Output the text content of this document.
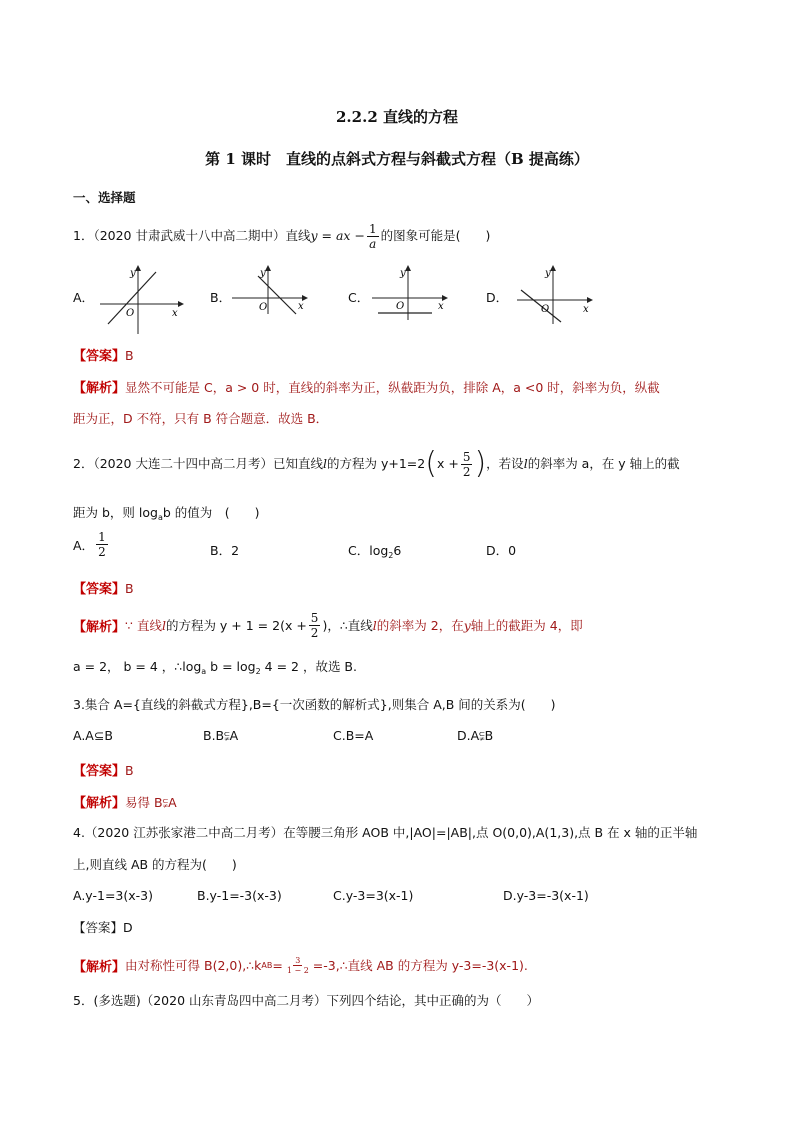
2.2.2 直线的方程
第 1 课时　直线的点斜式方程与斜截式方程（B 提高练）
一、选择题
1．（2020 甘肃武威十八中高二期中）直线y = ax − $\frac{1}{a}$ 的图象可能是(　　)
A．	B．	C．	D．
y
x
O
y
x
O
y
x
O
y
x
O
【答案】B
【解析】显然不可能是 C，a > 0 时，直线的斜率为正，纵截距为负，排除 A，a <0 时，斜率为负，纵截
距为正，D 不符，只有 B 符合题意．故选 B．
2．（2020 大连二十四中高二月考）已知直线 l 的方程为 y+1=2 ( $x + \frac{5}{2}$ ) ，若设 l 的斜率为 a，在 y 轴上的截
距为 b，则 $\log_ab$ 的值为　(　　)
A． $\frac{1}{2}$	B．2	C．$\log_26$	D．0
【答案】B
【解析】 ∵ 直线 l 的方程为 $y + 1 = 2(x + \frac{5}{2}$ )，∴直线 l 的斜率为 2，在 y 轴上的截距为 4，即
a = 2， b = 4 ，$\therefore\log_a$ $b = \log_2 4 = 2$ ，故选 B.
3.集合 A={直线的斜截式方程},B={一次函数的解析式},则集合 A,B 间的关系为(　　)
A.A⊆B	B.B⫋A	C.B=A	D.A⫋B
【答案】B
【解析】易得 B⫋A
4.（2020 江苏张家港二中高二月考）在等腰三角形 AOB 中,|AO|=|AB|,点 O(0,0),A(1,3),点 B 在 x 轴的正半轴
上,则直线 AB 的方程为(　　)
A.y-1=3(x-3)	B.y-1=-3(x-3)	C.y-3=3(x-1)	D.y-3=-3(x-1)
【答案】D
【解析】 由对称性可得 B(2,0),∴k AB = $\frac{3}{1 - 2}$ =-3,∴直线 AB 的方程为 y-3=-3(x-1).
5．(多选题)（2020 山东青岛四中高二月考）下列四个结论，其中正确的为（　　）
